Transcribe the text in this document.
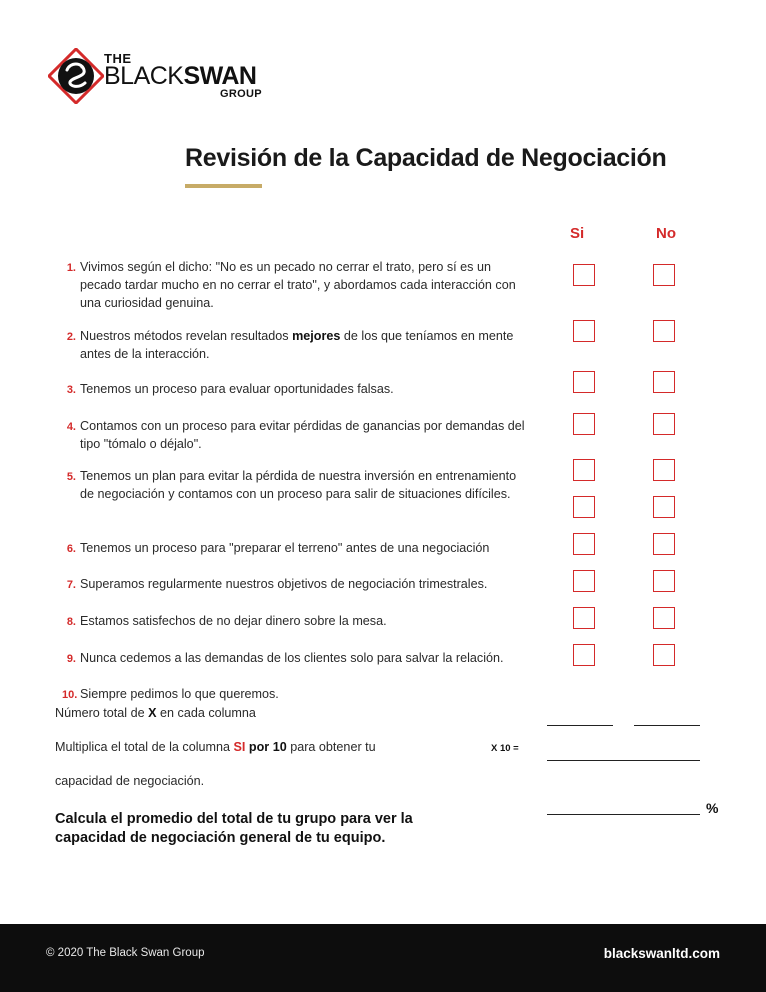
THE
BLACKSWAN
GROUP
Revisión de la Capacidad de Negociación
Si	No
1. Vivimos según el dicho: "No es un pecado no cerrar el trato, pero sí es un pecado tardar mucho en no cerrar el trato", y abordamos cada interacción con una curiosidad genuina.
2. Nuestros métodos revelan resultados mejores de los que teníamos en mente antes de la interacción.
3. Tenemos un proceso para evaluar oportunidades falsas.
4. Contamos con un proceso para evitar pérdidas de ganancias por demandas del tipo "tómalo o déjalo".
5. Tenemos un plan para evitar la pérdida de nuestra inversión en entrenamiento de negociación y contamos con un proceso para salir de situaciones difíciles.
6. Tenemos un proceso para "preparar el terreno" antes de una negociación
7. Superamos regularmente nuestros objetivos de negociación trimestrales.
8. Estamos satisfechos de no dejar dinero sobre la mesa.
9. Nunca cedemos a las demandas de los clientes solo para salvar la relación.
10. Siempre pedimos lo que queremos.
Número total de X en cada columna
Multiplica el total de la columna SI por 10 para obtener tu	X 10 =
capacidad de negociación.
Calcula el promedio del total de tu grupo para ver la capacidad de negociación general de tu equipo.
%
© 2020 The Black Swan Group	blackswanltd.com
